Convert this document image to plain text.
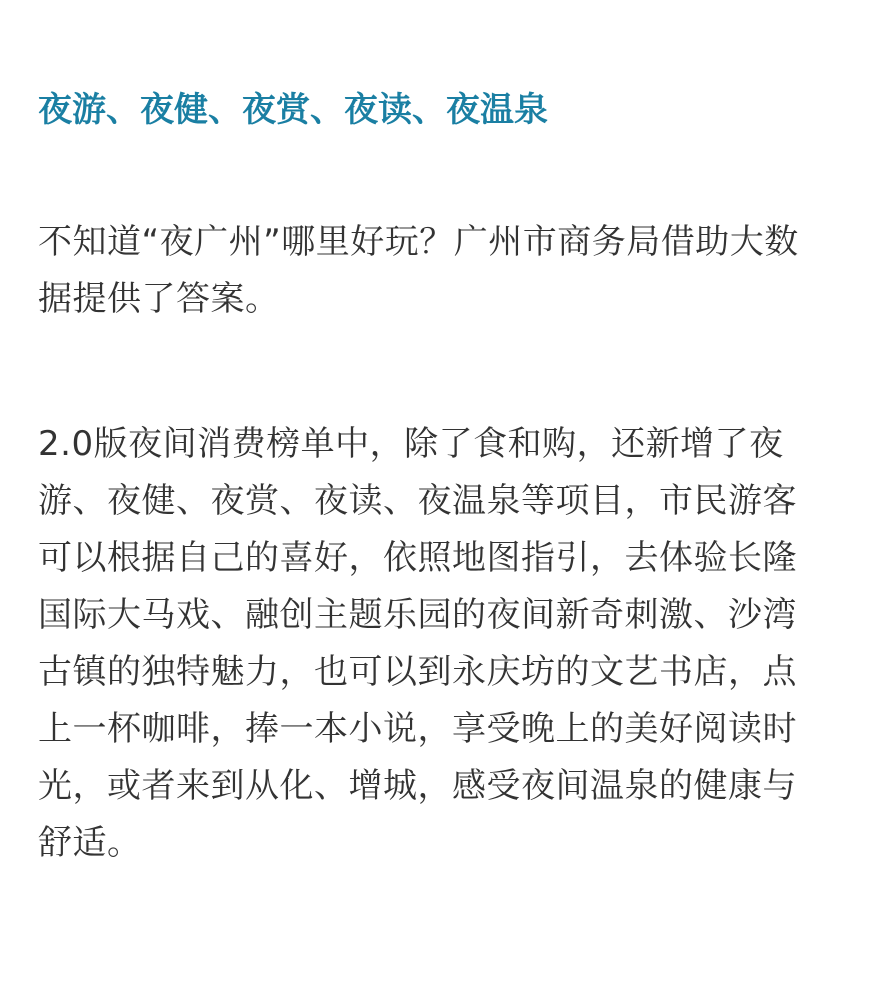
夜游、夜健、夜赏、夜读、夜温泉

不知道“夜广州”哪里好玩？广州市商务局借助大数
据提供了答案。

2.0版夜间消费榜单中，除了食和购，还新增了夜
游、夜健、夜赏、夜读、夜温泉等项目，市民游客
可以根据自己的喜好，依照地图指引，去体验长隆
国际大马戏、融创主题乐园的夜间新奇刺激、沙湾
古镇的独特魅力，也可以到永庆坊的文艺书店，点
上一杯咖啡，捧一本小说，享受晚上的美好阅读时
光，或者来到从化、增城，感受夜间温泉的健康与
舒适。
